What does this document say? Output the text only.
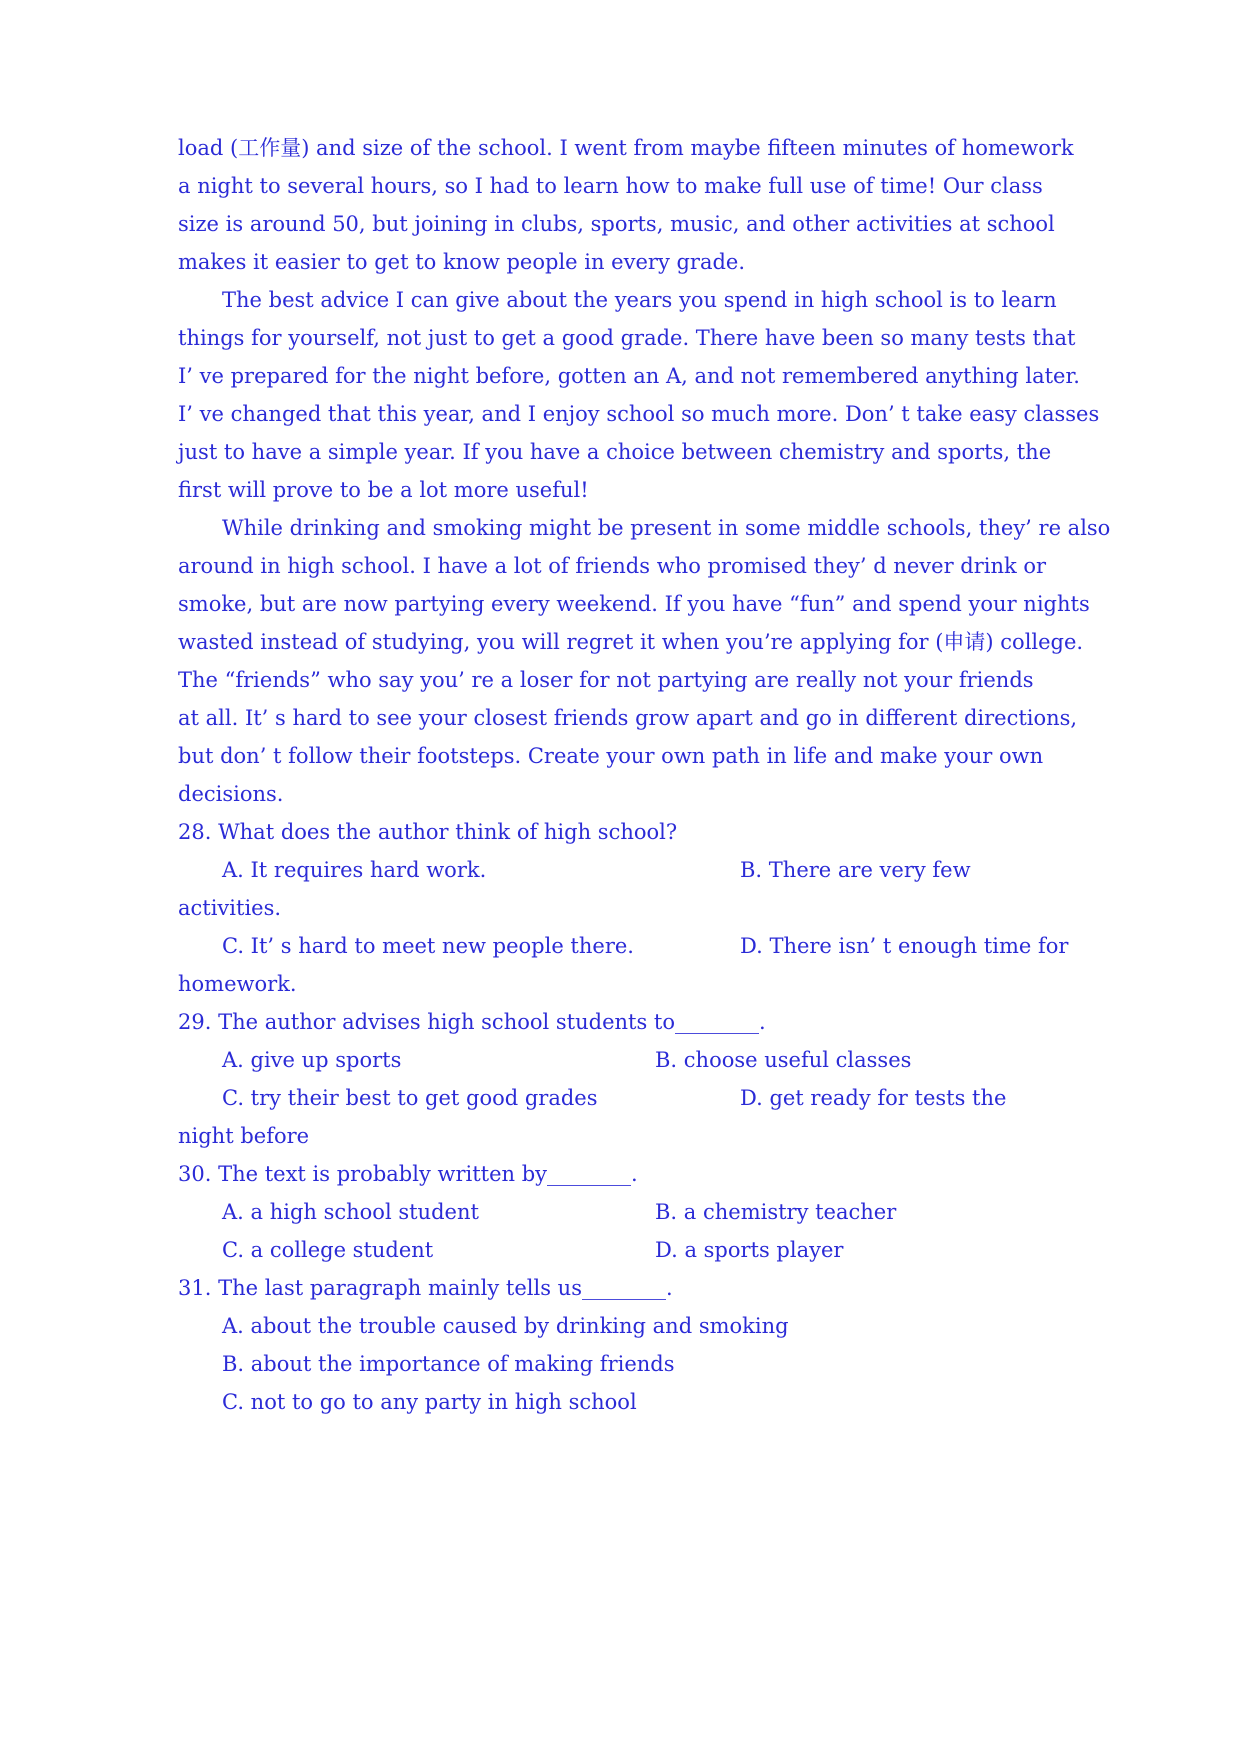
load (工作量) and size of the school. I went from maybe fifteen minutes of homework
a night to several hours, so I had to learn how to make full use of time! Our class
size is around 50, but joining in clubs, sports, music, and other activities at school
makes it easier to get to know people in every grade.
The best advice I can give about the years you spend in high school is to learn
things for yourself, not just to get a good grade. There have been so many tests that
I’ ve prepared for the night before, gotten an A, and not remembered anything later.
I’ ve changed that this year, and I enjoy school so much more. Don’ t take easy classes
just to have a simple year. If you have a choice between chemistry and sports, the
first will prove to be a lot more useful!
While drinking and smoking might be present in some middle schools, they’ re also
around in high school. I have a lot of friends who promised they’ d never drink or
smoke, but are now partying every weekend. If you have “fun” and spend your nights
wasted instead of studying, you will regret it when you’re applying for (申请) college.
The “friends” who say you’ re a loser for not partying are really not your friends
at all. It’ s hard to see your closest friends grow apart and go in different directions,
but don’ t follow their footsteps. Create your own path in life and make your own
decisions.
28. What does the author think of high school?
A. It requires hard work.	B. There are very few
activities.
C. It’ s hard to meet new people there.	D. There isn’ t enough time for
homework.
29. The author advises high school students to________.
A. give up sports	B. choose useful classes
C. try their best to get good grades	D. get ready for tests the
night before
30. The text is probably written by________.
A. a high school student	B. a chemistry teacher
C. a college student	D. a sports player
31. The last paragraph mainly tells us________.
A. about the trouble caused by drinking and smoking
B. about the importance of making friends
C. not to go to any party in high school
